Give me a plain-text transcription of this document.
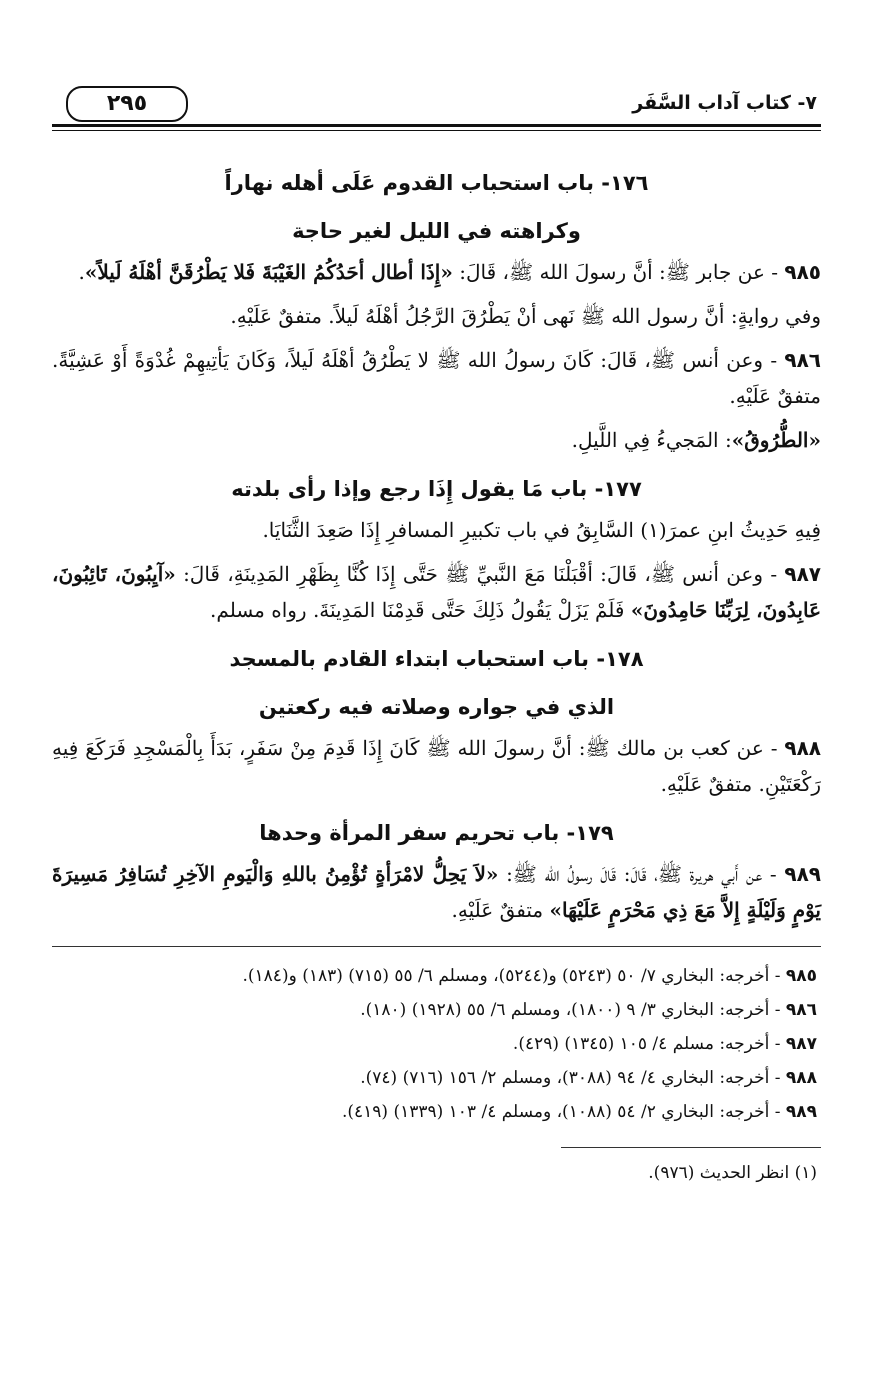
٧- كتاب آداب السَّفَر
٢٩٥
١٧٦- باب استحباب القدوم عَلَى أهله نهاراً
وكراهته في الليل لغير حاجة

٩٨٥ - عن جابر ﷺ: أنَّ رسولَ الله ﷺ، قَالَ: «إِذَا أطال أحَدُكُمُ الغَيْبَةَ فَلا يَطْرُقَنَّ أهْلَهُ لَيلاً».

وفي روايةٍ: أنَّ رسول الله ﷺ نَهى أنْ يَطْرُقَ الرَّجُلُ أهْلَهُ لَيلاً. متفقٌ عَلَيْهِ.

٩٨٦ - وعن أنس ﷺ، قَالَ: كَانَ رسولُ الله ﷺ لا يَطْرُقُ أهْلَهُ لَيلاً، وَكَانَ يَأتِيهِمْ غُدْوَةً أَوْ عَشِيَّةً. متفقٌ عَلَيْهِ.

«الطُّرُوقُ»: المَجيءُ فِي اللَّيلِ.

١٧٧- باب مَا يقول إِذَا رجع وإذا رأى بلدته

فِيهِ حَدِيثُ ابنِ عمرَ(١) السَّابِقُ في باب تكبيرِ المسافرِ إِذَا صَعِدَ الثَّنَايَا.

٩٨٧ - وعن أنس ﷺ، قَالَ: أقْبَلْنَا مَعَ النَّبيِّ ﷺ حَتَّى إِذَا كُنَّا بِظَهْرِ المَدِينَةِ، قَالَ: «آيِبُونَ، تَائِبُونَ، عَابِدُونَ، لِرَبِّنَا حَامِدُونَ» فَلَمْ يَزَلْ يَقُولُ ذَلِكَ حَتَّى قَدِمْنَا المَدِينَةَ. رواه مسلم.

١٧٨- باب استحباب ابتداء القادم بالمسجد
الذي في جواره وصلاته فيه ركعتين

٩٨٨ - عن كعب بن مالك ﷺ: أنَّ رسولَ الله ﷺ كَانَ إِذَا قَدِمَ مِنْ سَفَرٍ، بَدَأَ بِالْمَسْجِدِ فَرَكَعَ فِيهِ رَكْعَتَيْنِ. متفقٌ عَلَيْهِ.

١٧٩- باب تحريم سفر المرأة وحدها

٩٨٩ - عن أَبي هريرة ﷺ، قَالَ: قَالَ رسولُ الله ﷺ: «لاَ يَحِلُّ لامْرَأةٍ تُؤْمِنُ باللهِ وَالْيَومِ الآخِرِ تُسَافِرُ مَسِيرَةَ يَوْمٍ وَلَيْلَةٍ إِلاَّ مَعَ ذِي مَحْرَمٍ عَلَيْهَا» متفقٌ عَلَيْهِ.

٩٨٥ - أخرجه: البخاري ٧/ ٥٠ (٥٢٤٣) و(٥٢٤٤)، ومسلم ٦/ ٥٥ (٧١٥) (١٨٣) و(١٨٤).

٩٨٦ - أخرجه: البخاري ٣/ ٩ (١٨٠٠)، ومسلم ٦/ ٥٥ (١٩٢٨) (١٨٠).

٩٨٧ - أخرجه: مسلم ٤/ ١٠٥ (١٣٤٥) (٤٢٩).

٩٨٨ - أخرجه: البخاري ٤/ ٩٤ (٣٠٨٨)، ومسلم ٢/ ١٥٦ (٧١٦) (٧٤).

٩٨٩ - أخرجه: البخاري ٢/ ٥٤ (١٠٨٨)، ومسلم ٤/ ١٠٣ (١٣٣٩) (٤١٩).

(١) انظر الحديث (٩٧٦).
